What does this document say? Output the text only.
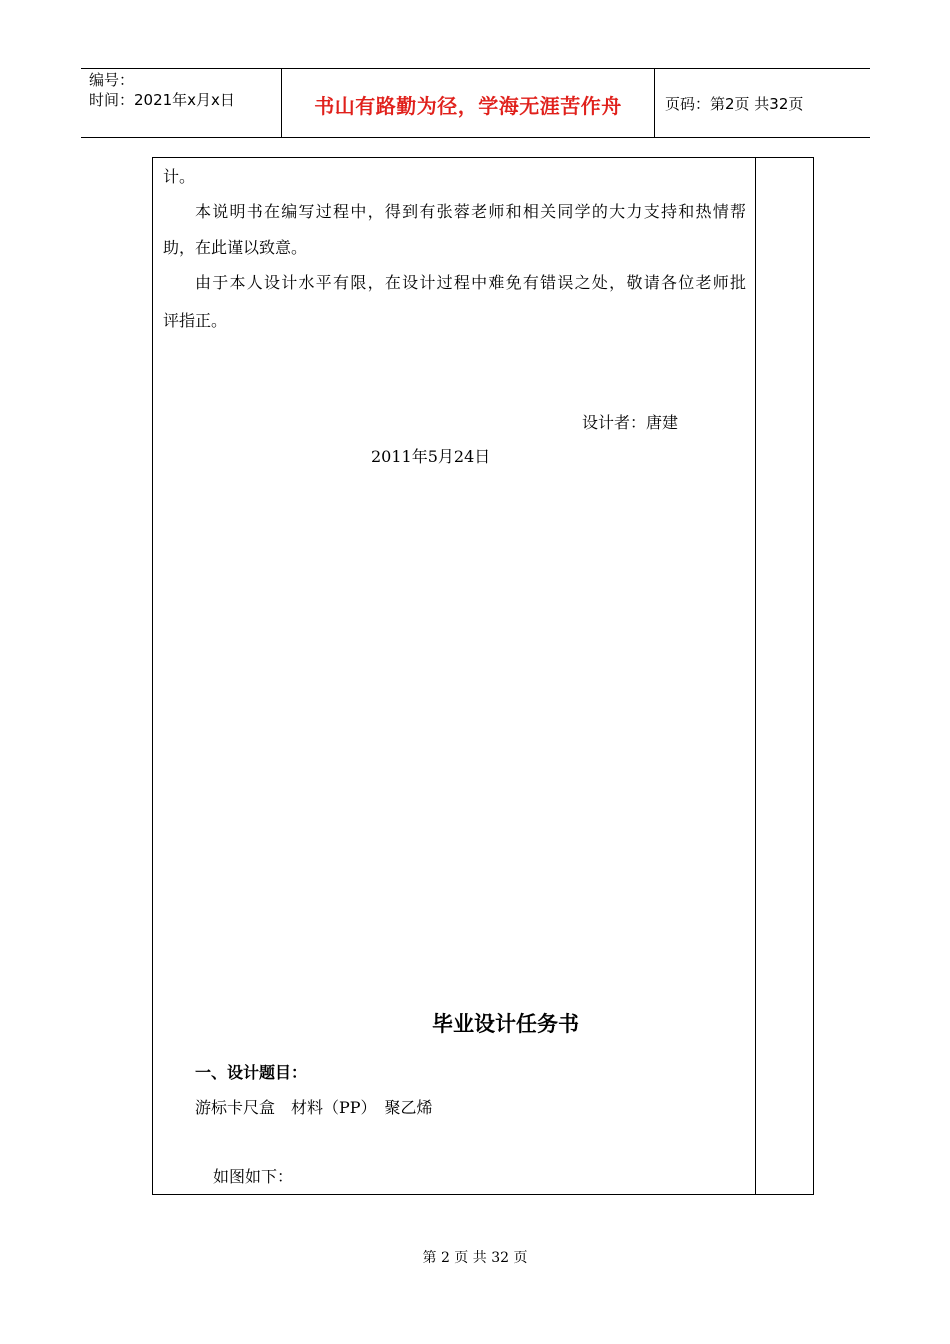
编号：
时间：2021年x月x日	书山有路勤为径，学海无涯苦作舟	页码：第2页 共32页
计。
本说明书在编写过程中，得到有张蓉老师和相关同学的大力支持和热情帮
助，在此谨以致意。
由于本人设计水平有限，在设计过程中难免有错误之处，敬请各位老师批
评指正。
设计者：唐建
2011年5月24日
毕业设计任务书
一、设计题目：
游标卡尺盒　材料（PP）　聚乙烯
如图如下：
第 2 页 共 32 页
